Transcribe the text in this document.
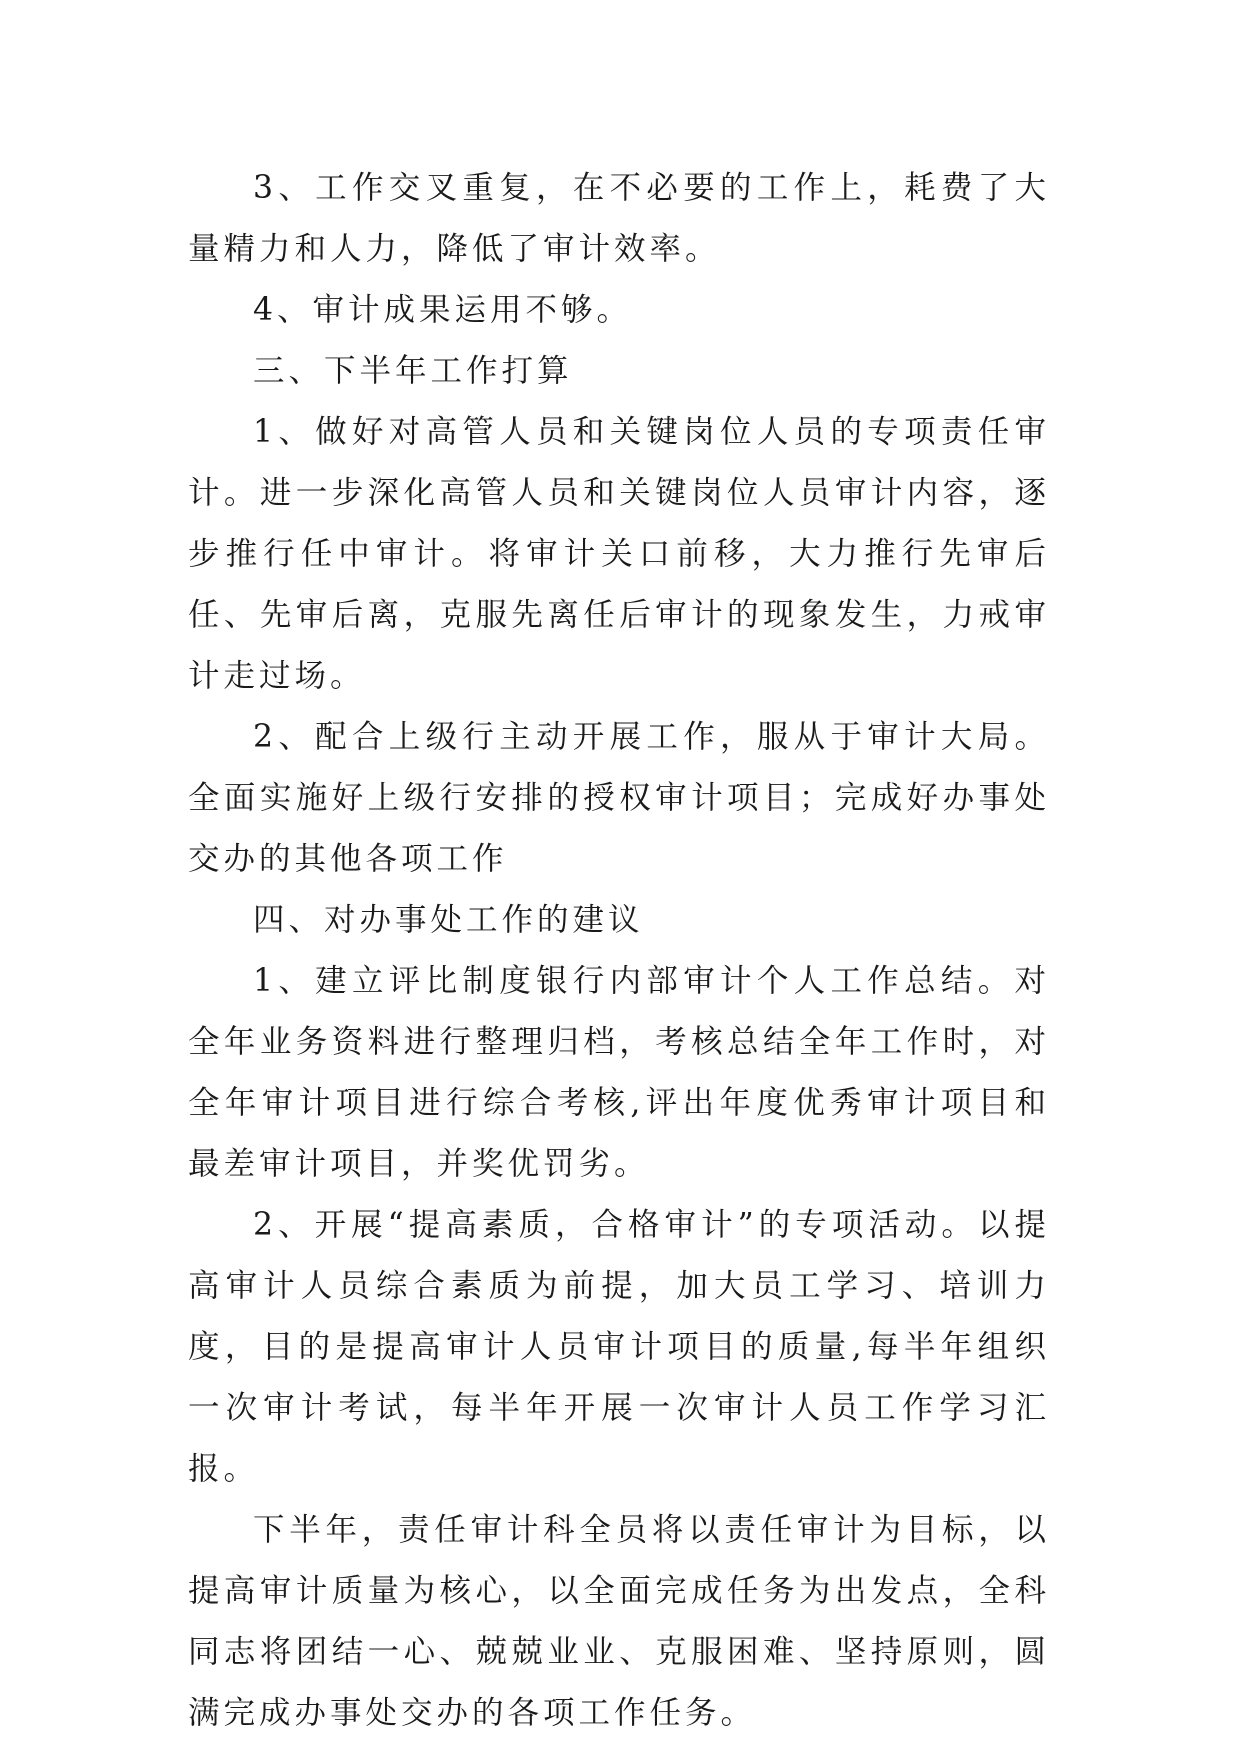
3、工作交叉重复，在不必要的工作上，耗费了大量精力和人力，降低了审计效率。

4、审计成果运用不够。

三、下半年工作打算

1、做好对高管人员和关键岗位人员的专项责任审计。进一步深化高管人员和关键岗位人员审计内容，逐步推行任中审计。将审计关口前移，大力推行先审后任、先审后离，克服先离任后审计的现象发生，力戒审计走过场。

2、配合上级行主动开展工作，服从于审计大局。全面实施好上级行安排的授权审计项目；完成好办事处交办的其他各项工作

四、对办事处工作的建议

1、建立评比制度银行内部审计个人工作总结。对全年业务资料进行整理归档，考核总结全年工作时，对全年审计项目进行综合考核,评出年度优秀审计项目和最差审计项目，并奖优罚劣。

2、开展“提高素质，合格审计”的专项活动。以提高审计人员综合素质为前提，加大员工学习、培训力度，目的是提高审计人员审计项目的质量,每半年组织一次审计考试，每半年开展一次审计人员工作学习汇报。

下半年，责任审计科全员将以责任审计为目标，以提高审计质量为核心，以全面完成任务为出发点，全科同志将团结一心、兢兢业业、克服困难、坚持原则，圆满完成办事处交办的各项工作任务。
